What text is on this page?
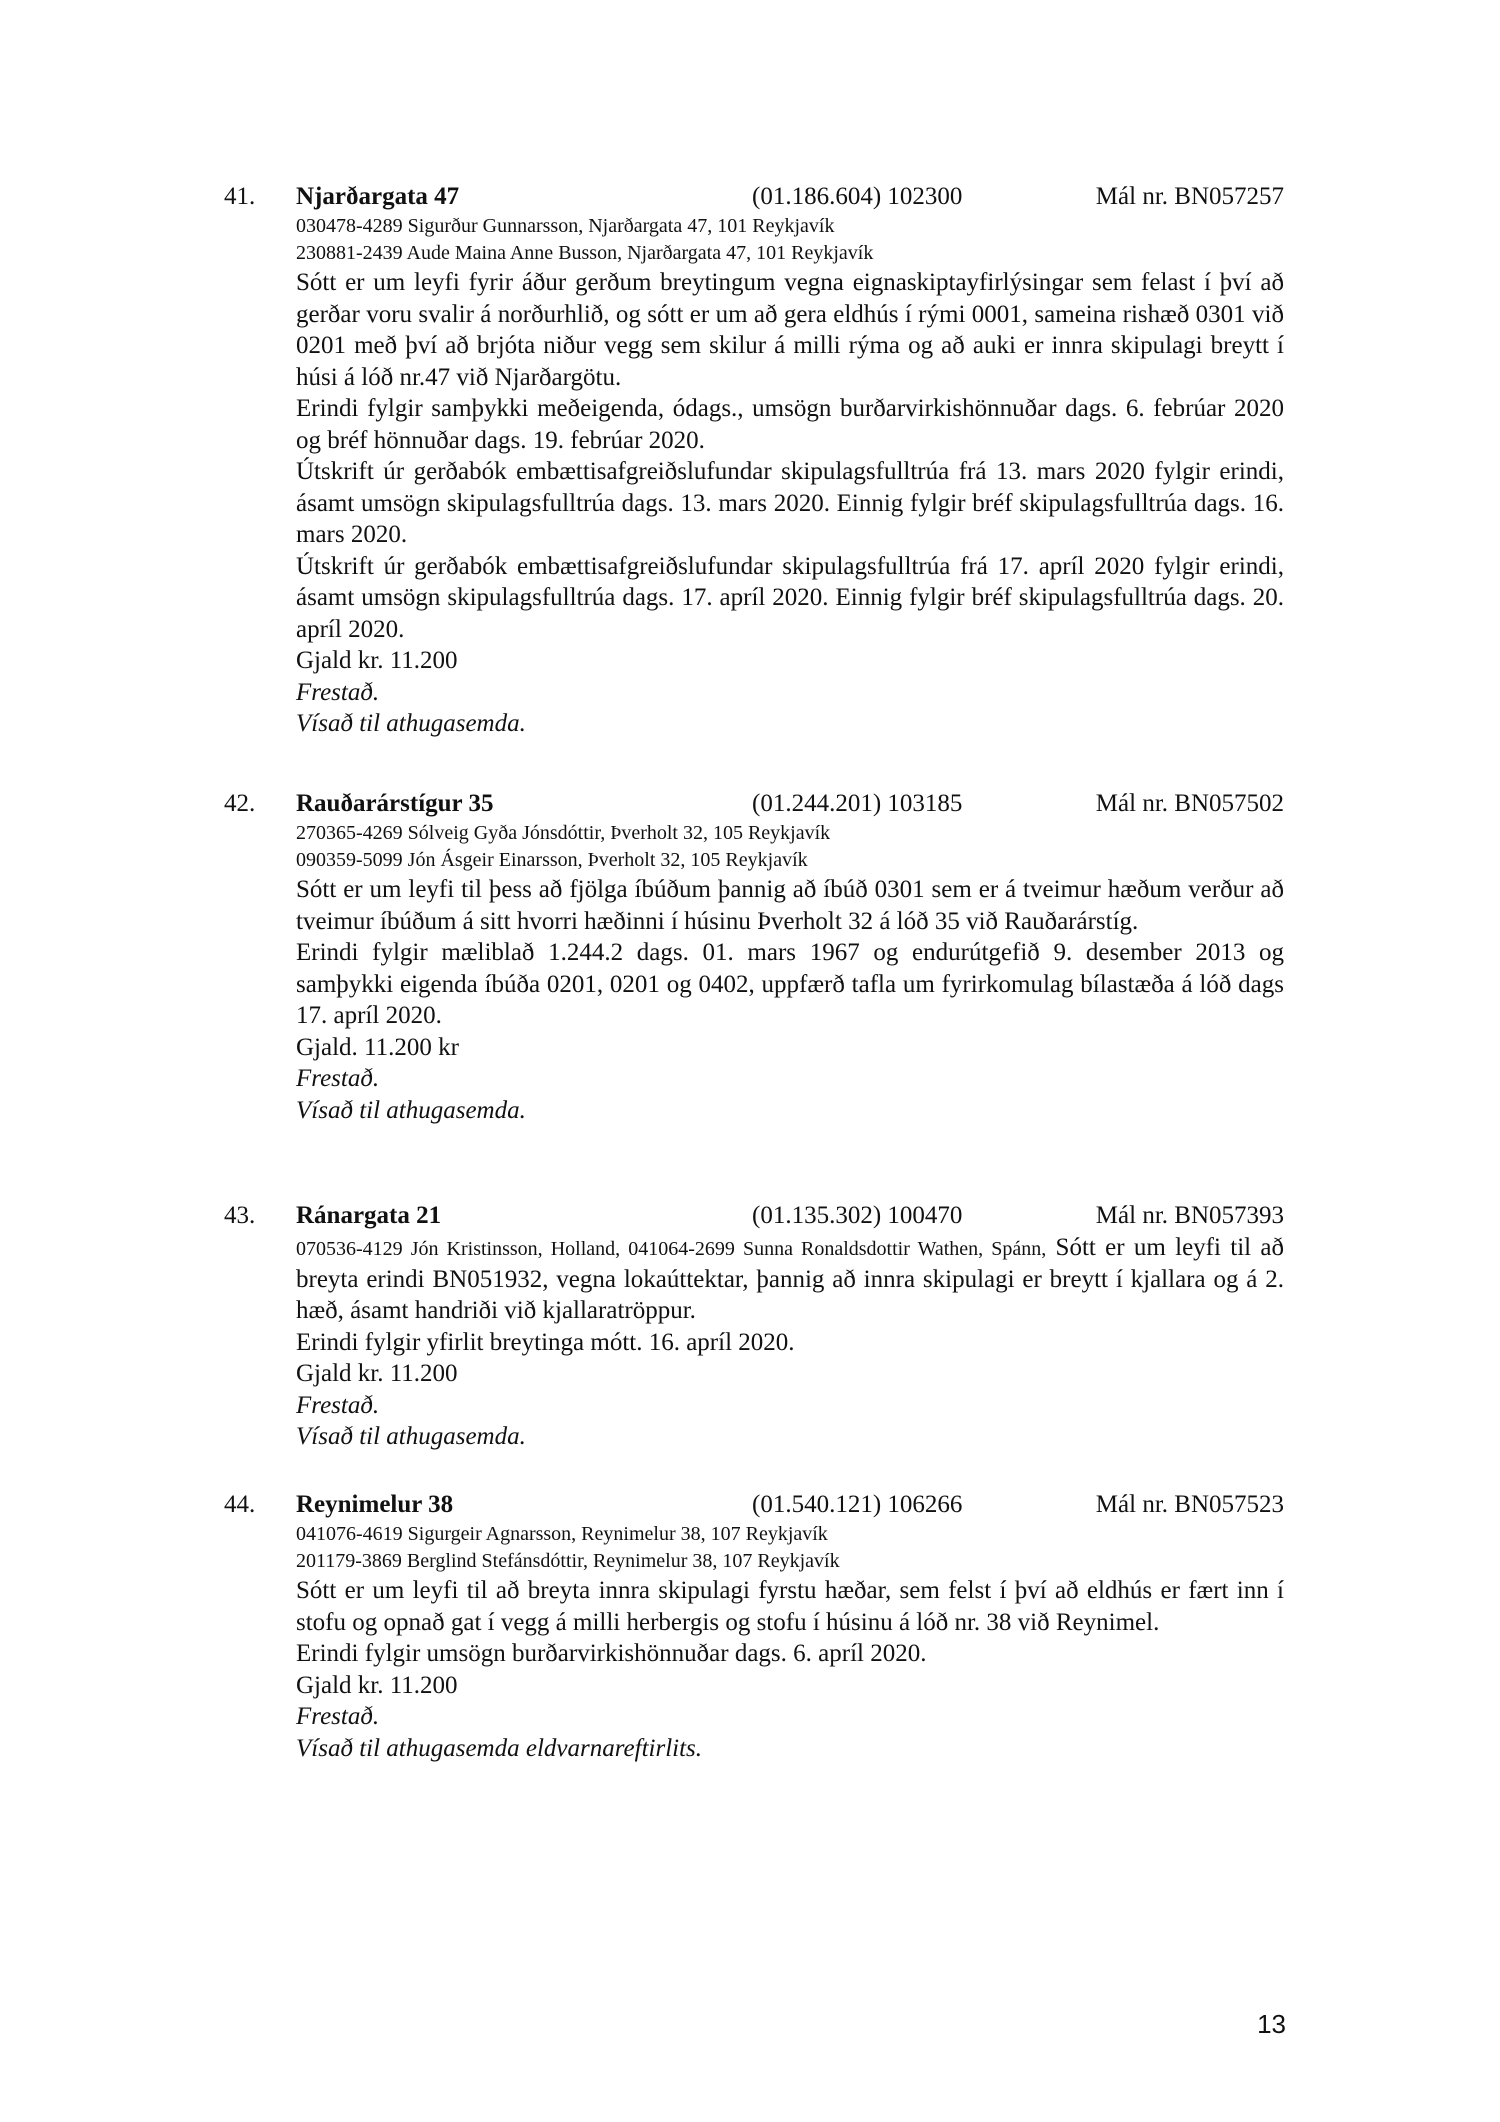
41. Njarðargata 47	(01.186.604) 102300	Mál nr. BN057257
030478-4289 Sigurður Gunnarsson, Njarðargata 47, 101 Reykjavík
230881-2439 Aude Maina Anne Busson, Njarðargata 47, 101 Reykjavík
Sótt er um leyfi fyrir áður gerðum breytingum vegna eignaskiptayfirlýsingar sem felast í því að gerðar voru svalir á norðurhlið, og sótt er um að gera eldhús í rými 0001, sameina rishæð 0301 við 0201 með því að brjóta niður vegg sem skilur á milli rýma og að auki er innra skipulagi breytt í húsi á lóð nr.47 við Njarðargötu.
Erindi fylgir samþykki meðeigenda, ódags., umsögn burðarvirkishönnuðar dags. 6. febrúar 2020 og bréf hönnuðar dags. 19. febrúar 2020.
Útskrift úr gerðabók embættisafgreiðslufundar skipulagsfulltrúa frá 13. mars 2020 fylgir erindi, ásamt umsögn skipulagsfulltrúa dags. 13. mars 2020. Einnig fylgir bréf skipulagsfulltrúa dags. 16. mars 2020.
Útskrift úr gerðabók embættisafgreiðslufundar skipulagsfulltrúa frá 17. apríl 2020 fylgir erindi, ásamt umsögn skipulagsfulltrúa dags. 17. apríl 2020. Einnig fylgir bréf skipulagsfulltrúa dags. 20. apríl 2020.
Gjald kr. 11.200
Frestað.
Vísað til athugasemda.
42. Rauðarárstígur 35	(01.244.201) 103185	Mál nr. BN057502
270365-4269 Sólveig Gyða Jónsdóttir, Þverholt 32, 105 Reykjavík
090359-5099 Jón Ásgeir Einarsson, Þverholt 32, 105 Reykjavík
Sótt er um leyfi til þess að fjölga íbúðum þannig að íbúð 0301 sem er á tveimur hæðum verður að tveimur íbúðum á sitt hvorri hæðinni í húsinu Þverholt 32 á lóð 35 við Rauðarárstíg.
Erindi fylgir mæliblað 1.244.2 dags. 01. mars 1967 og endurútgefið 9. desember 2013 og samþykki eigenda íbúða 0201, 0201 og 0402, uppfærð tafla um fyrirkomulag bílastæða á lóð dags 17. apríl 2020.
Gjald. 11.200 kr
Frestað.
Vísað til athugasemda.
43. Ránargata 21	(01.135.302) 100470	Mál nr. BN057393
070536-4129 Jón Kristinsson, Holland, 041064-2699 Sunna Ronaldsdottir Wathen, Spánn, Sótt er um leyfi til að breyta erindi BN051932, vegna lokaúttektar, þannig að innra skipulagi er breytt í kjallara og á 2. hæð, ásamt handriði við kjallaratröppur.
Erindi fylgir yfirlit breytinga mótt. 16. apríl 2020.
Gjald kr. 11.200
Frestað.
Vísað til athugasemda.
44. Reynimelur 38	(01.540.121) 106266	Mál nr. BN057523
041076-4619 Sigurgeir Agnarsson, Reynimelur 38, 107 Reykjavík
201179-3869 Berglind Stefánsdóttir, Reynimelur 38, 107 Reykjavík
Sótt er um leyfi til að breyta innra skipulagi fyrstu hæðar, sem felst í því að eldhús er fært inn í stofu og opnað gat í vegg á milli herbergis og stofu í húsinu á lóð nr. 38 við Reynimel.
Erindi fylgir umsögn burðarvirkishönnuðar dags. 6. apríl 2020.
Gjald kr. 11.200
Frestað.
Vísað til athugasemda eldvarnareftirlits.
13
